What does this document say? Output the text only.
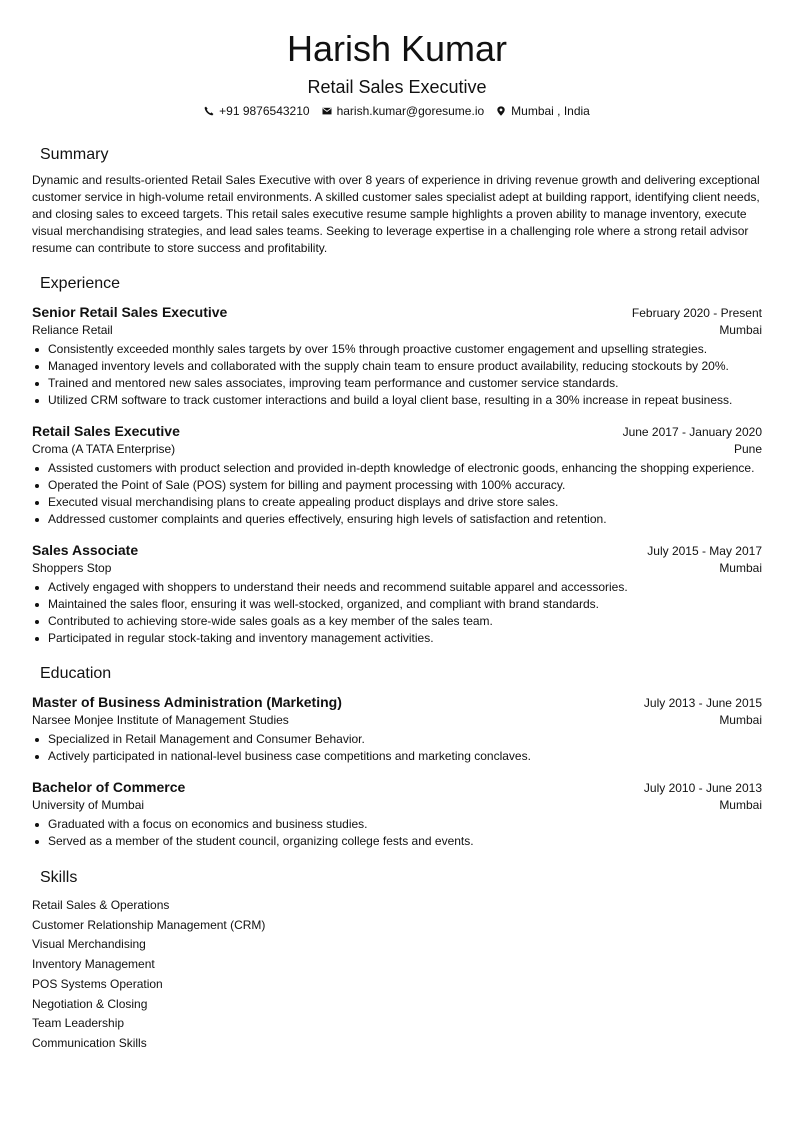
Harish Kumar
Retail Sales Executive
+91 9876543210 harish.kumar@goresume.io Mumbai , India
Summary
Dynamic and results-oriented Retail Sales Executive with over 8 years of experience in driving revenue growth and delivering exceptional customer service in high-volume retail environments. A skilled customer sales specialist adept at building rapport, identifying client needs, and closing sales to exceed targets. This retail sales executive resume sample highlights a proven ability to manage inventory, execute visual merchandising strategies, and lead sales teams. Seeking to leverage expertise in a challenging role where a strong retail advisor resume can contribute to store success and profitability.
Experience
Senior Retail Sales Executive	February 2020 - Present
Reliance Retail	Mumbai
Consistently exceeded monthly sales targets by over 15% through proactive customer engagement and upselling strategies.
Managed inventory levels and collaborated with the supply chain team to ensure product availability, reducing stockouts by 20%.
Trained and mentored new sales associates, improving team performance and customer service standards.
Utilized CRM software to track customer interactions and build a loyal client base, resulting in a 30% increase in repeat business.
Retail Sales Executive	June 2017 - January 2020
Croma (A TATA Enterprise)	Pune
Assisted customers with product selection and provided in-depth knowledge of electronic goods, enhancing the shopping experience.
Operated the Point of Sale (POS) system for billing and payment processing with 100% accuracy.
Executed visual merchandising plans to create appealing product displays and drive store sales.
Addressed customer complaints and queries effectively, ensuring high levels of satisfaction and retention.
Sales Associate	July 2015 - May 2017
Shoppers Stop	Mumbai
Actively engaged with shoppers to understand their needs and recommend suitable apparel and accessories.
Maintained the sales floor, ensuring it was well-stocked, organized, and compliant with brand standards.
Contributed to achieving store-wide sales goals as a key member of the sales team.
Participated in regular stock-taking and inventory management activities.
Education
Master of Business Administration (Marketing)	July 2013 - June 2015
Narsee Monjee Institute of Management Studies	Mumbai
Specialized in Retail Management and Consumer Behavior.
Actively participated in national-level business case competitions and marketing conclaves.
Bachelor of Commerce	July 2010 - June 2013
University of Mumbai	Mumbai
Graduated with a focus on economics and business studies.
Served as a member of the student council, organizing college fests and events.
Skills
Retail Sales & Operations
Customer Relationship Management (CRM)
Visual Merchandising
Inventory Management
POS Systems Operation
Negotiation & Closing
Team Leadership
Communication Skills
